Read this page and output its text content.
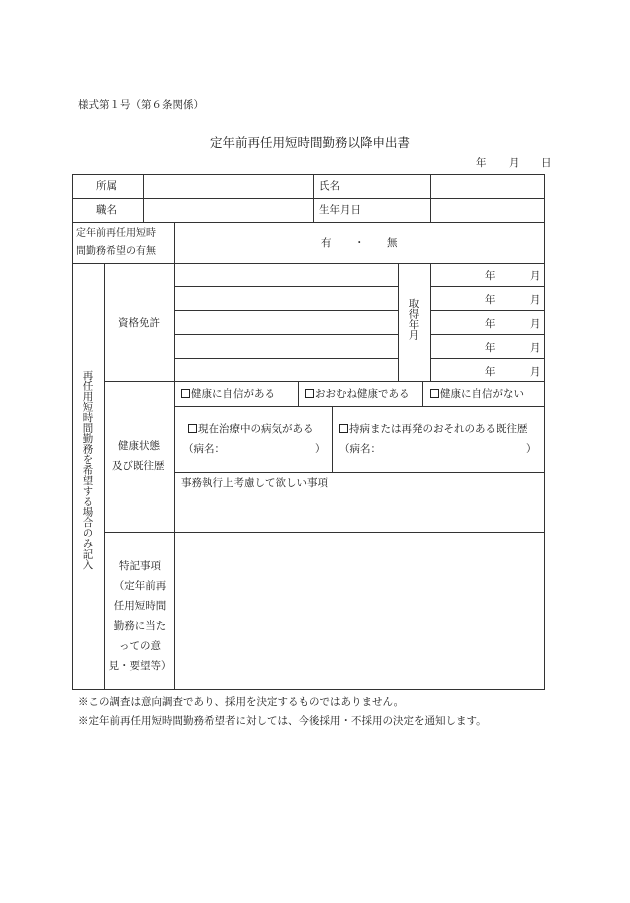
様式第１号（第６条関係）
定年前再任用短時間勤務以降申出書
年 月 日
所属	氏名
職名	生年月日
定年前再任用短時
間勤務希望の有無
有 ・ 無
再任用短時間勤務を希望する場合のみ記入
資格免許	取得年月
年	月
年	月
年	月
年	月
年	月
健康状態
及び既往歴
健康に自信がある	おおむね健康である	健康に自信がない
現在治療中の病気がある
（病名：	）
持病または再発のおそれのある既往歴
（病名：	）
事務執行上考慮して欲しい事項
特記事項
（定年前再
任用短時間
勤務に当た
っての意
見・要望等）
※この調査は意向調査であり、採用を決定するものではありません。
※定年前再任用短時間勤務希望者に対しては、今後採用・不採用の決定を通知します。
